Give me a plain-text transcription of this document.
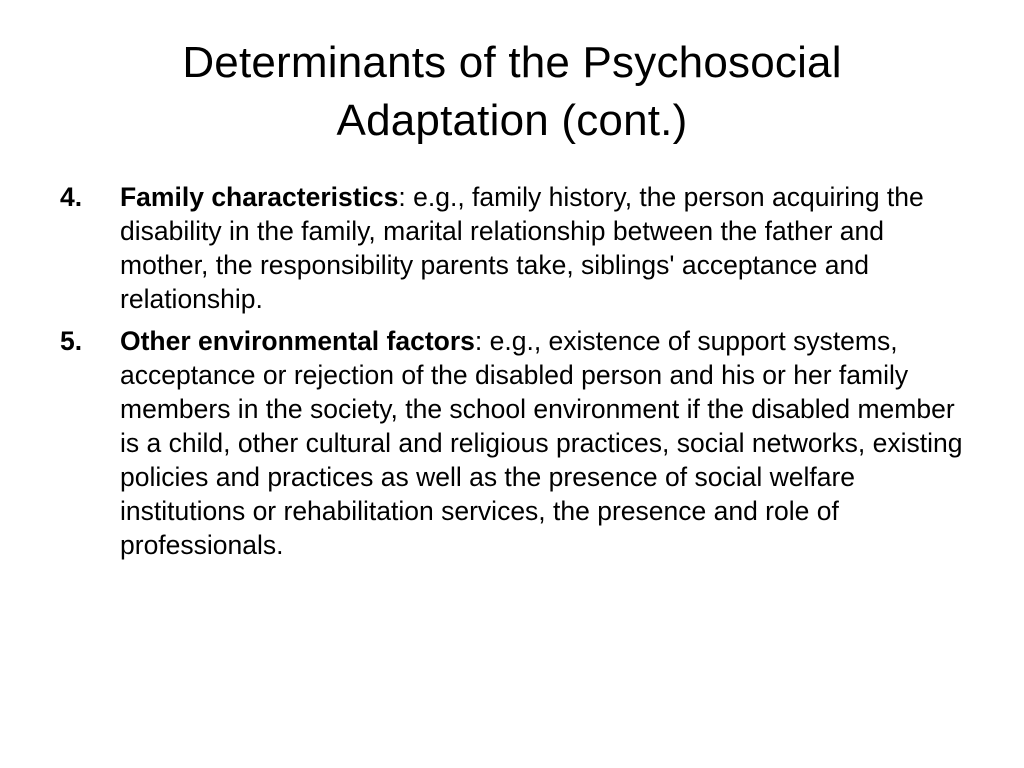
Determinants of the Psychosocial
Adaptation (cont.)
4. Family characteristics: e.g., family history, the person acquiring the disability in the family, marital relationship between the father and mother, the responsibility parents take, siblings' acceptance and relationship.
5. Other environmental factors: e.g., existence of support systems, acceptance or rejection of the disabled person and his or her family members in the society, the school environment if the disabled member is a child, other cultural and religious practices, social networks, existing policies and practices as well as the presence of social welfare institutions or rehabilitation services, the presence and role of professionals.
